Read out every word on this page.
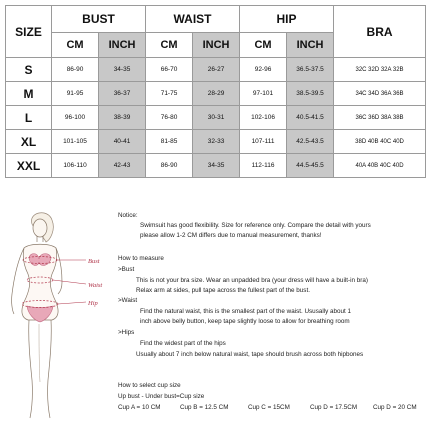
SIZE	BUST		WAIST		HIP		BRA
	CM	INCH	CM	INCH	CM	INCH	
S	86-90	34-35	66-70	26-27	92-96	36.5-37.5	32C 32D 32A 32B
M	91-95	36-37	71-75	28-29	97-101	38.5-39.5	34C 34D 36A 36B
L	96-100	38-39	76-80	30-31	102-106	40.5-41.5	36C 36D 38A 38B
XL	101-105	40-41	81-85	32-33	107-111	42.5-43.5	38D 40B 40C 40D
XXL	106-110	42-43	86-90	34-35	112-116	44.5-45.5	40A 40B 40C 40D
Bust
Waist
Hip
Notice:
Swimsuit has good flexibility. Size for reference only. Compare the detail with yours
please allow 1-2 CM differs due to manual measurement, thanks!
How to measure
>Bust
This is not your bra size. Wear an unpadded bra (your dress will have a built-in bra)
Relax arm at sides, pull tape across the fullest part of the bust.
>Waist
Find the natural waist, this is the smallest part of the waist. Ususally about 1
inch above belly button, keep tape slightly loose to allow for breathing room
>Hips
Find the widest part of the hips
Usually about 7 inch below natural waist, tape should brush across both hipbones
How to select cup size
Up bust - Under bust=Cup size
Cup A = 10 CM	Cup B = 12.5 CM	Cup C = 15CM	Cup D = 17.5CM	Cup D = 20 CM
